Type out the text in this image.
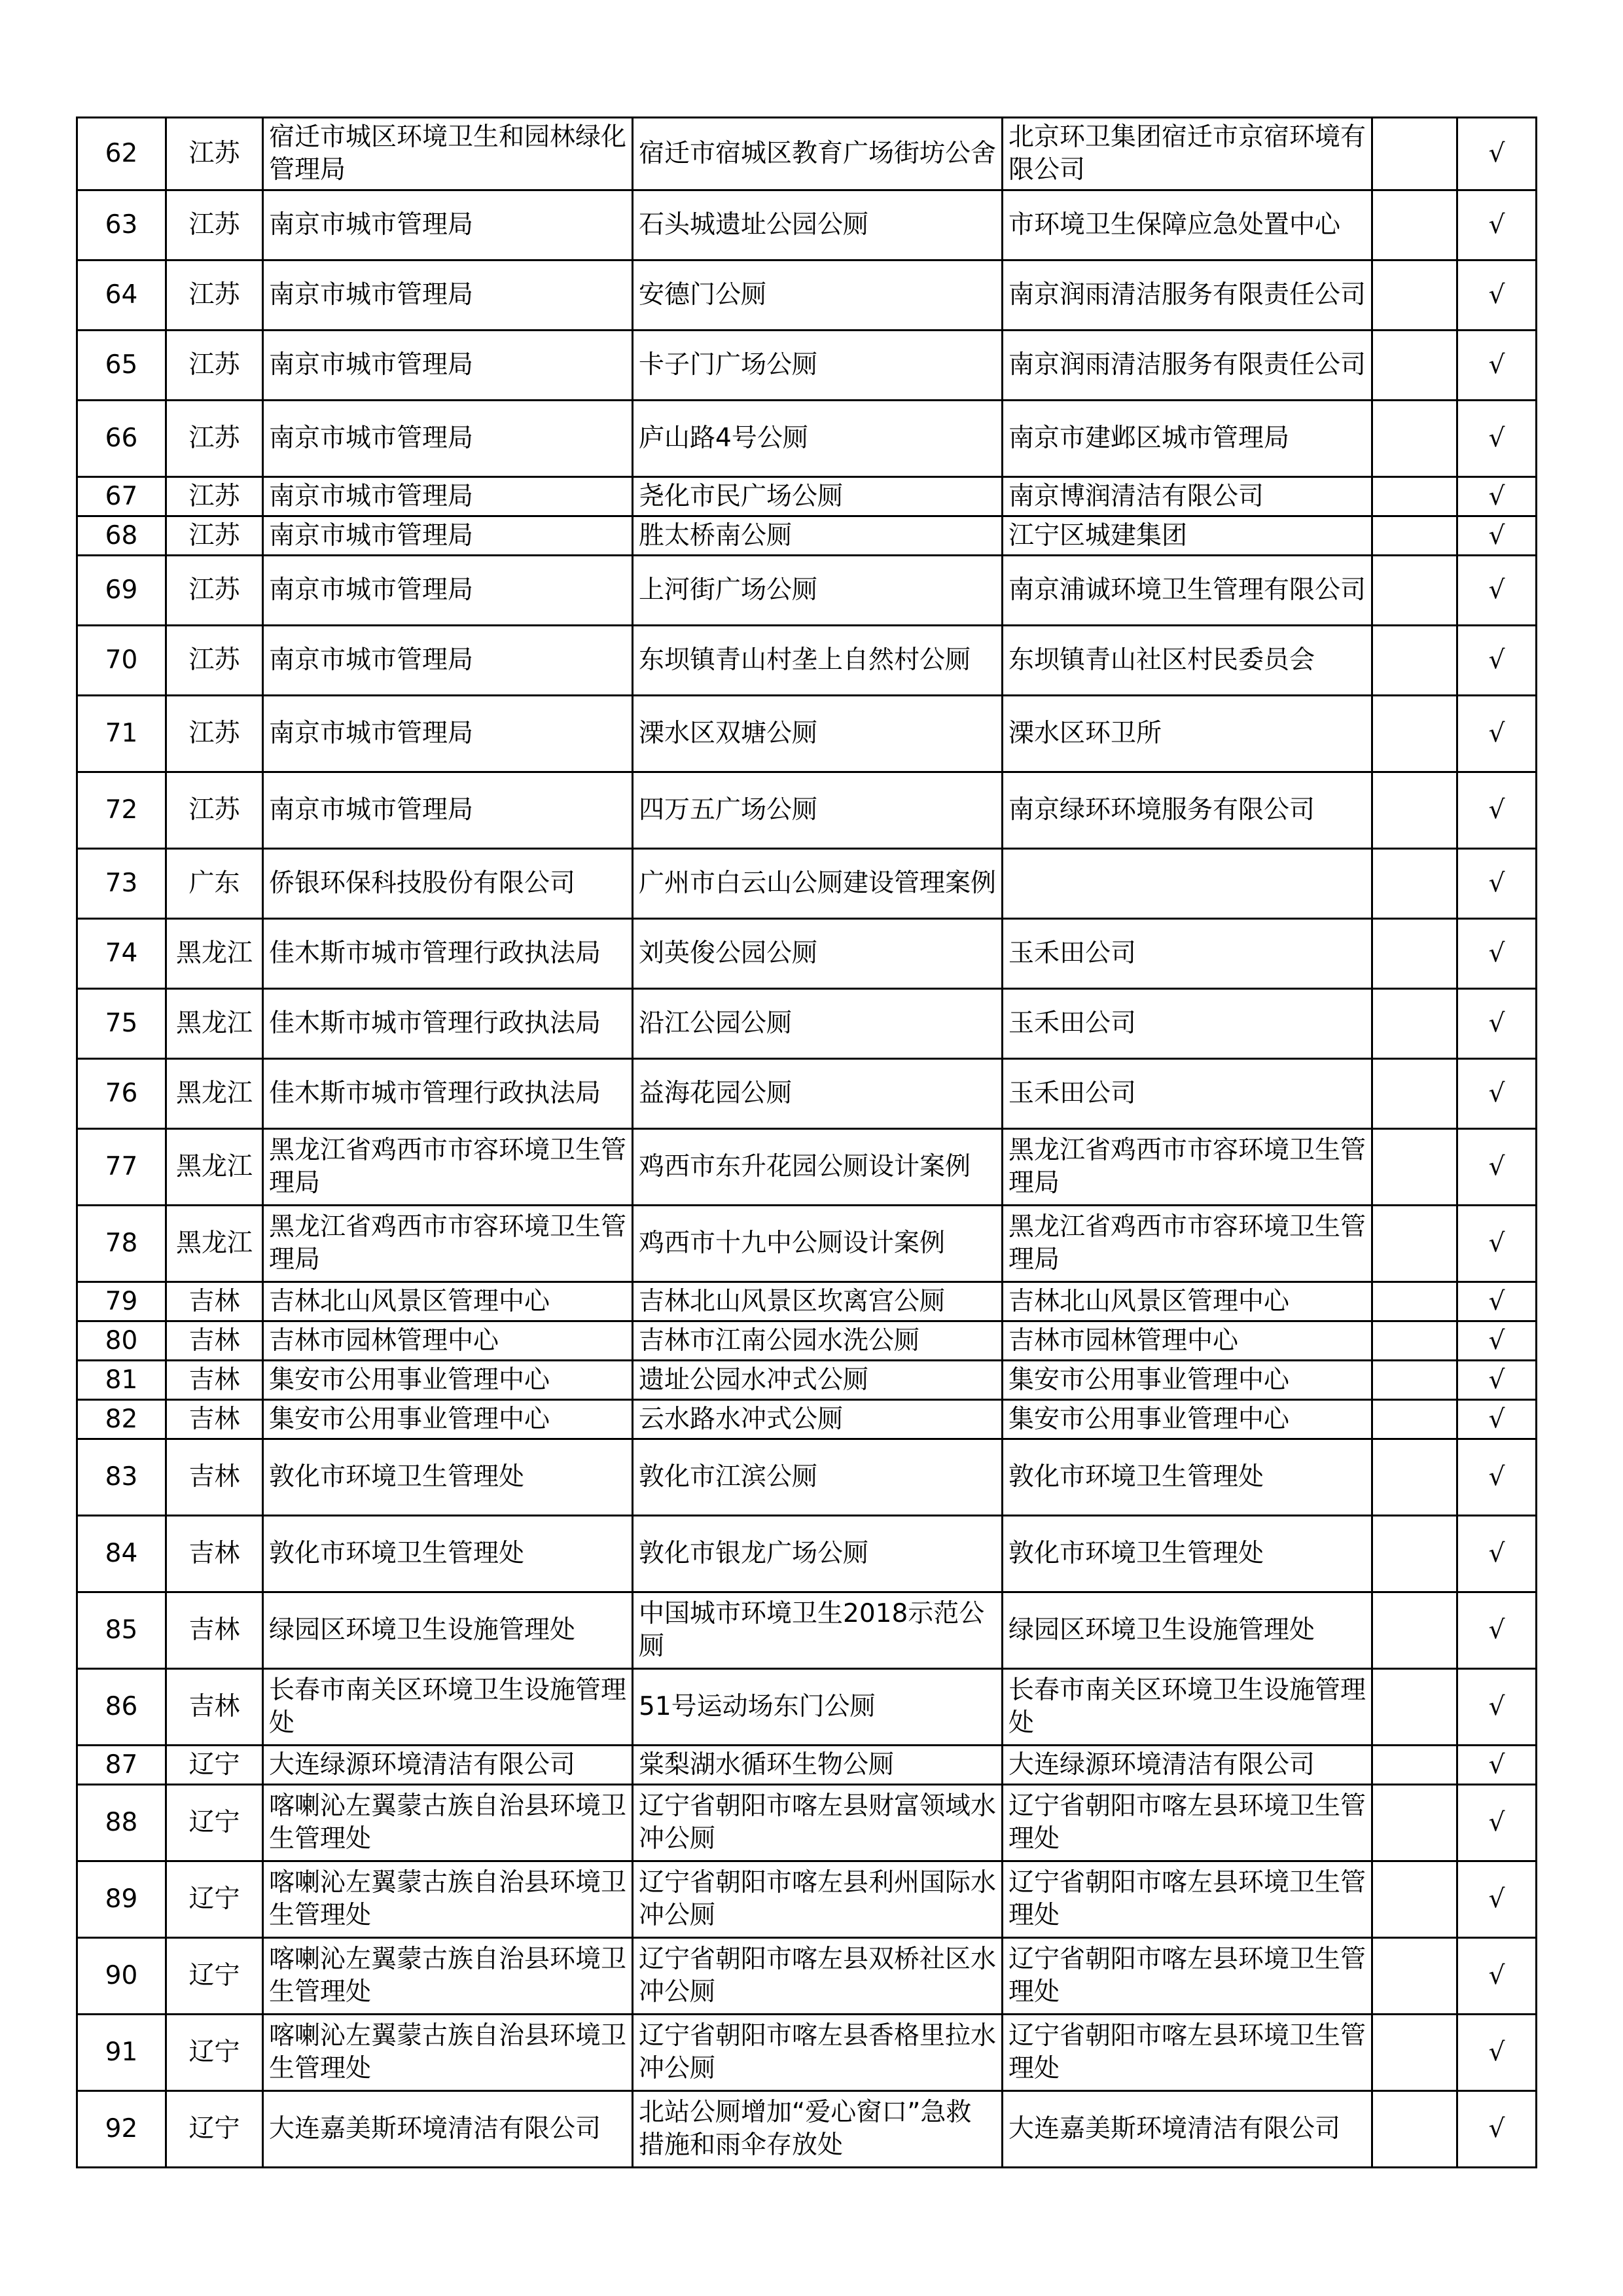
62	江苏	宿迁市城区环境卫生和园林绿化管理局	宿迁市宿城区教育广场街坊公舍	北京环卫集团宿迁市京宿环境有限公司		√
63	江苏	南京市城市管理局	石头城遗址公园公厕	市环境卫生保障应急处置中心		√
64	江苏	南京市城市管理局	安德门公厕	南京润雨清洁服务有限责任公司		√
65	江苏	南京市城市管理局	卡子门广场公厕	南京润雨清洁服务有限责任公司		√
66	江苏	南京市城市管理局	庐山路4号公厕	南京市建邺区城市管理局		√
67	江苏	南京市城市管理局	尧化市民广场公厕	南京博润清洁有限公司		√
68	江苏	南京市城市管理局	胜太桥南公厕	江宁区城建集团		√
69	江苏	南京市城市管理局	上河街广场公厕	南京浦诚环境卫生管理有限公司		√
70	江苏	南京市城市管理局	东坝镇青山村垄上自然村公厕	东坝镇青山社区村民委员会		√
71	江苏	南京市城市管理局	溧水区双塘公厕	溧水区环卫所		√
72	江苏	南京市城市管理局	四万五广场公厕	南京绿环环境服务有限公司		√
73	广东	侨银环保科技股份有限公司	广州市白云山公厕建设管理案例			√
74	黑龙江	佳木斯市城市管理行政执法局	刘英俊公园公厕	玉禾田公司		√
75	黑龙江	佳木斯市城市管理行政执法局	沿江公园公厕	玉禾田公司		√
76	黑龙江	佳木斯市城市管理行政执法局	益海花园公厕	玉禾田公司		√
77	黑龙江	黑龙江省鸡西市市容环境卫生管理局	鸡西市东升花园公厕设计案例	黑龙江省鸡西市市容环境卫生管理局		√
78	黑龙江	黑龙江省鸡西市市容环境卫生管理局	鸡西市十九中公厕设计案例	黑龙江省鸡西市市容环境卫生管理局		√
79	吉林	吉林北山风景区管理中心	吉林北山风景区坎离宫公厕	吉林北山风景区管理中心		√
80	吉林	吉林市园林管理中心	吉林市江南公园水洗公厕	吉林市园林管理中心		√
81	吉林	集安市公用事业管理中心	遗址公园水冲式公厕	集安市公用事业管理中心		√
82	吉林	集安市公用事业管理中心	云水路水冲式公厕	集安市公用事业管理中心		√
83	吉林	敦化市环境卫生管理处	敦化市江滨公厕	敦化市环境卫生管理处		√
84	吉林	敦化市环境卫生管理处	敦化市银龙广场公厕	敦化市环境卫生管理处		√
85	吉林	绿园区环境卫生设施管理处	中国城市环境卫生2018示范公厕	绿园区环境卫生设施管理处		√
86	吉林	长春市南关区环境卫生设施管理处	51号运动场东门公厕	长春市南关区环境卫生设施管理处		√
87	辽宁	大连绿源环境清洁有限公司	棠梨湖水循环生物公厕	大连绿源环境清洁有限公司		√
88	辽宁	喀喇沁左翼蒙古族自治县环境卫生管理处	辽宁省朝阳市喀左县财富领域水冲公厕	辽宁省朝阳市喀左县环境卫生管理处		√
89	辽宁	喀喇沁左翼蒙古族自治县环境卫生管理处	辽宁省朝阳市喀左县利州国际水冲公厕	辽宁省朝阳市喀左县环境卫生管理处		√
90	辽宁	喀喇沁左翼蒙古族自治县环境卫生管理处	辽宁省朝阳市喀左县双桥社区水冲公厕	辽宁省朝阳市喀左县环境卫生管理处		√
91	辽宁	喀喇沁左翼蒙古族自治县环境卫生管理处	辽宁省朝阳市喀左县香格里拉水冲公厕	辽宁省朝阳市喀左县环境卫生管理处		√
92	辽宁	大连嘉美斯环境清洁有限公司	北站公厕增加“爱心窗口”急救措施和雨伞存放处	大连嘉美斯环境清洁有限公司		√
